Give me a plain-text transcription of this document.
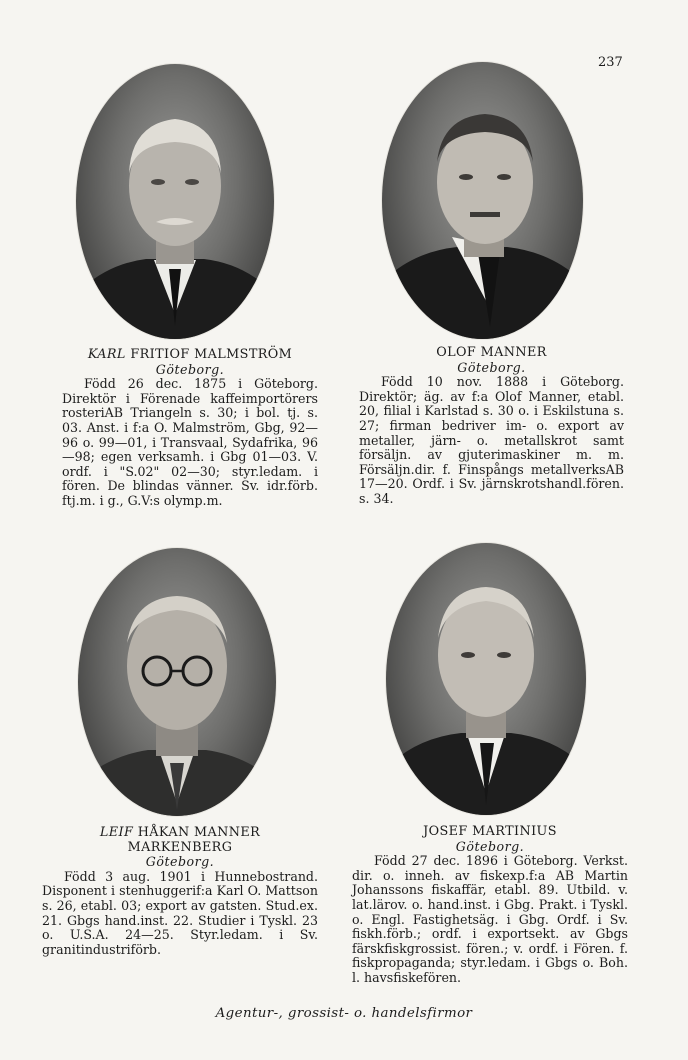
237
KARL FRITIOF MALMSTRÖM
Göteborg.
Född 26 dec. 1875 i Göteborg. Direktör i Förenade kaffeimportörers rosteriAB Triangeln s. 30; i bol. tj. s. 03. Anst. i f:a O. Malmström, Gbg, 92—96 o. 99—01, i Transvaal, Sydafrika, 96—98; egen verksamh. i Gbg 01—03. V. ordf. i "S.02" 02—30; styr.ledam. i fören. De blindas vänner. Sv. idr.förb. ftj.m. i g., G.V:s olymp.m.
OLOF MANNER
Göteborg.
Född 10 nov. 1888 i Göteborg. Direktör; äg. av f:a Olof Manner, etabl. 20, filial i Karlstad s. 30 o. i Eskilstuna s. 27; firman bedriver im- o. export av metaller, järn- o. metallskrot samt försäljn. av gjuterimaskiner m. m. Försäljn.dir. f. Finspångs metallverksAB 17—20. Ordf. i Sv. järnskrotshandl.fören. s. 34.
LEIF HÅKAN MANNER
MARKENBERG
Göteborg.
Född 3 aug. 1901 i Hunnebostrand. Disponent i stenhuggerif:a Karl O. Mattson s. 26, etabl. 03; export av gatsten. Stud.ex. 21. Gbgs hand.inst. 22. Studier i Tyskl. 23 o. U.S.A. 24—25. Styr.ledam. i Sv. granitindustriförb.
JOSEF MARTINIUS
Göteborg.
Född 27 dec. 1896 i Göteborg. Verkst. dir. o. inneh. av fiskexp.f:a AB Martin Johanssons fiskaffär, etabl. 89. Utbild. v. lat.lärov. o. hand.inst. i Gbg. Prakt. i Tyskl. o. Engl. Fastighetsäg. i Gbg. Ordf. i Sv. fiskh.förb.; ordf. i exportsekt. av Gbgs färskfiskgrossist. fören.; v. ordf. i Fören. f. fiskpropaganda; styr.ledam. i Gbgs o. Boh. l. havsfiskefören.
Agentur-, grossist- o. handelsfirmor
